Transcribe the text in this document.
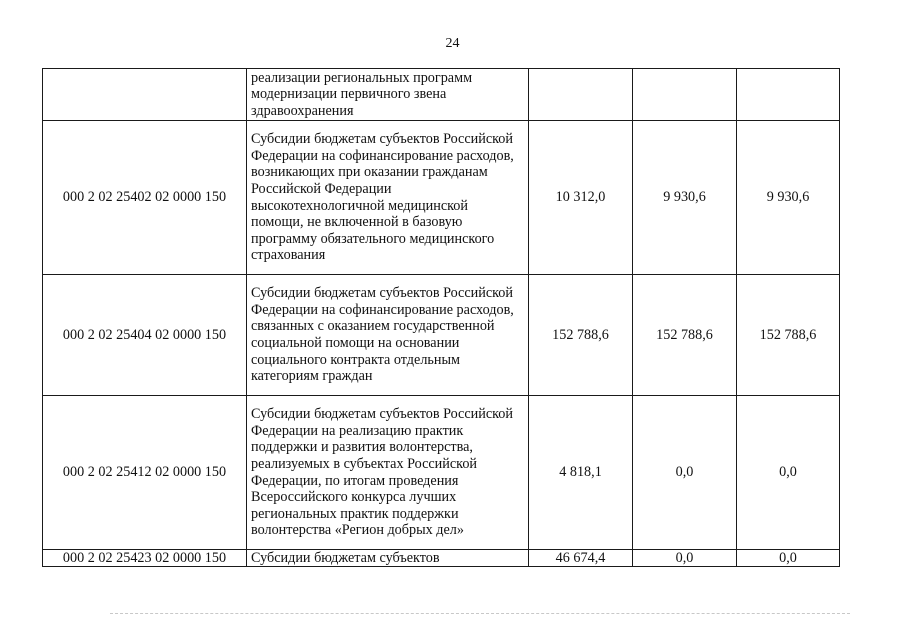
24
	реализации региональных программ модернизации первичного звена здравоохранения			
000 2 02 25402 02 0000 150	Субсидии бюджетам субъектов Российской Федерации на софинансирование расходов, возникающих при оказании гражданам Российской Федерации высокотехнологичной медицинской помощи, не включенной в базовую программу обязательного медицинского страхования	10 312,0	9 930,6	9 930,6
000 2 02 25404 02 0000 150	Субсидии бюджетам субъектов Российской Федерации на софинансирование расходов, связанных с оказанием государственной социальной помощи на основании социального контракта отдельным категориям граждан	152 788,6	152 788,6	152 788,6
000 2 02 25412 02 0000 150	Субсидии бюджетам субъектов Российской Федерации на реализацию практик поддержки и развития волонтерства, реализуемых в субъектах Российской Федерации, по итогам проведения Всероссийского конкурса лучших региональных практик поддержки волонтерства «Регион добрых дел»	4 818,1	0,0	0,0
000 2 02 25423 02 0000 150	Субсидии бюджетам субъектов	46 674,4	0,0	0,0
